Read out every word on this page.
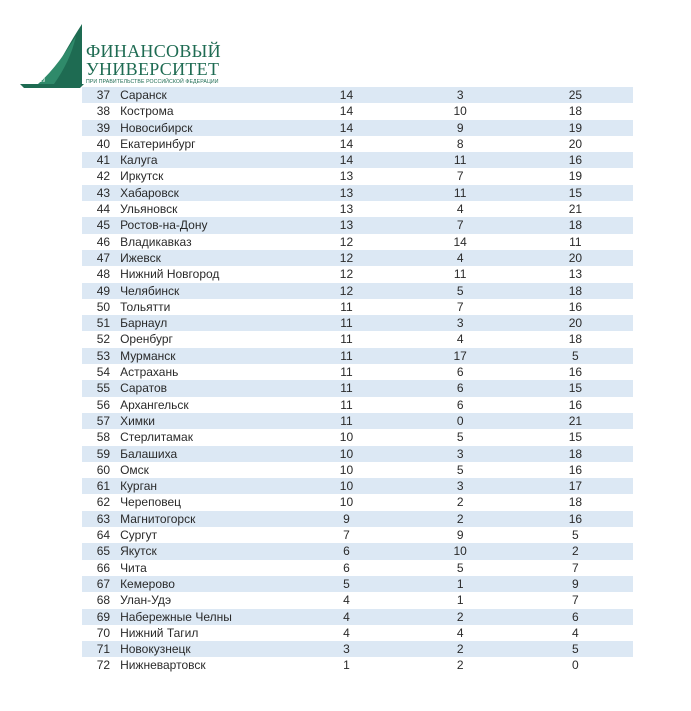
1919
ФИНАНСОВЫЙ
УНИВЕРСИТЕТ
ПРИ ПРАВИТЕЛЬСТВЕ РОССИЙСКОЙ ФЕДЕРАЦИИ
37	Саранск	14	3	25
38	Кострома	14	10	18
39	Новосибирск	14	9	19
40	Екатеринбург	14	8	20
41	Калуга	14	11	16
42	Иркутск	13	7	19
43	Хабаровск	13	11	15
44	Ульяновск	13	4	21
45	Ростов-на-Дону	13	7	18
46	Владикавказ	12	14	11
47	Ижевск	12	4	20
48	Нижний Новгород	12	11	13
49	Челябинск	12	5	18
50	Тольятти	11	7	16
51	Барнаул	11	3	20
52	Оренбург	11	4	18
53	Мурманск	11	17	5
54	Астрахань	11	6	16
55	Саратов	11	6	15
56	Архангельск	11	6	16
57	Химки	11	0	21
58	Стерлитамак	10	5	15
59	Балашиха	10	3	18
60	Омск	10	5	16
61	Курган	10	3	17
62	Череповец	10	2	18
63	Магнитогорск	9	2	16
64	Сургут	7	9	5
65	Якутск	6	10	2
66	Чита	6	5	7
67	Кемерово	5	1	9
68	Улан-Удэ	4	1	7
69	Набережные Челны	4	2	6
70	Нижний Тагил	4	4	4
71	Новокузнецк	3	2	5
72	Нижневартовск	1	2	0
